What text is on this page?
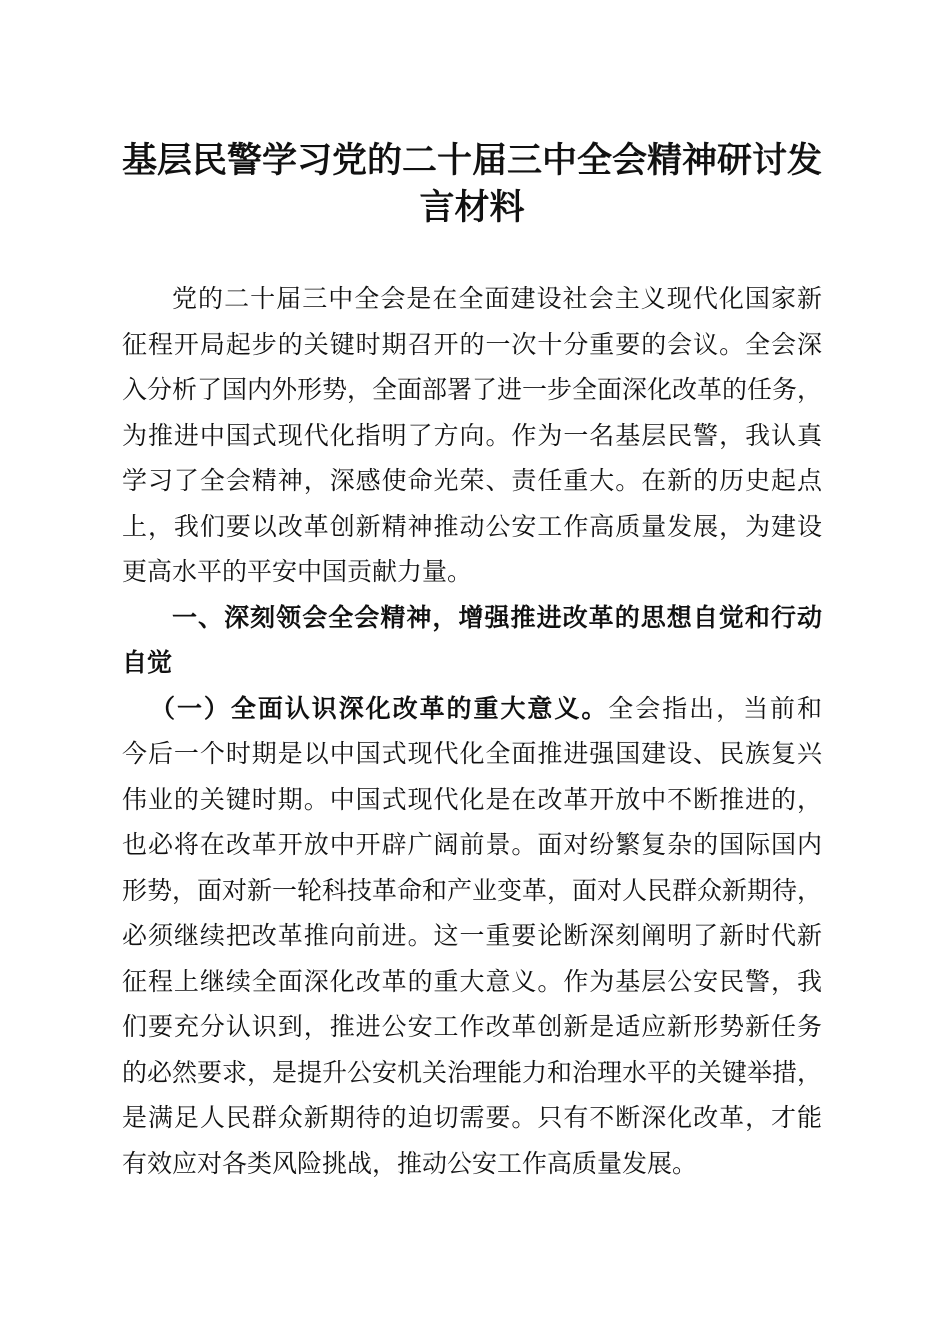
基层民警学习党的二十届三中全会精神研讨发
言材料
党的二十届三中全会是在全面建设社会主义现代化国家新
征程开局起步的关键时期召开的一次十分重要的会议。全会深
入分析了国内外形势，全面部署了进一步全面深化改革的任务，
为推进中国式现代化指明了方向。作为一名基层民警，我认真
学习了全会精神，深感使命光荣、责任重大。在新的历史起点
上，我们要以改革创新精神推动公安工作高质量发展，为建设
更高水平的平安中国贡献力量。
一、深刻领会全会精神，增强推进改革的思想自觉和行动
自觉
（一）全面认识深化改革的重大意义。全会指出，当前和
今后一个时期是以中国式现代化全面推进强国建设、民族复兴
伟业的关键时期。中国式现代化是在改革开放中不断推进的，
也必将在改革开放中开辟广阔前景。面对纷繁复杂的国际国内
形势，面对新一轮科技革命和产业变革，面对人民群众新期待，
必须继续把改革推向前进。这一重要论断深刻阐明了新时代新
征程上继续全面深化改革的重大意义。作为基层公安民警，我
们要充分认识到，推进公安工作改革创新是适应新形势新任务
的必然要求，是提升公安机关治理能力和治理水平的关键举措，
是满足人民群众新期待的迫切需要。只有不断深化改革，才能
有效应对各类风险挑战，推动公安工作高质量发展。
